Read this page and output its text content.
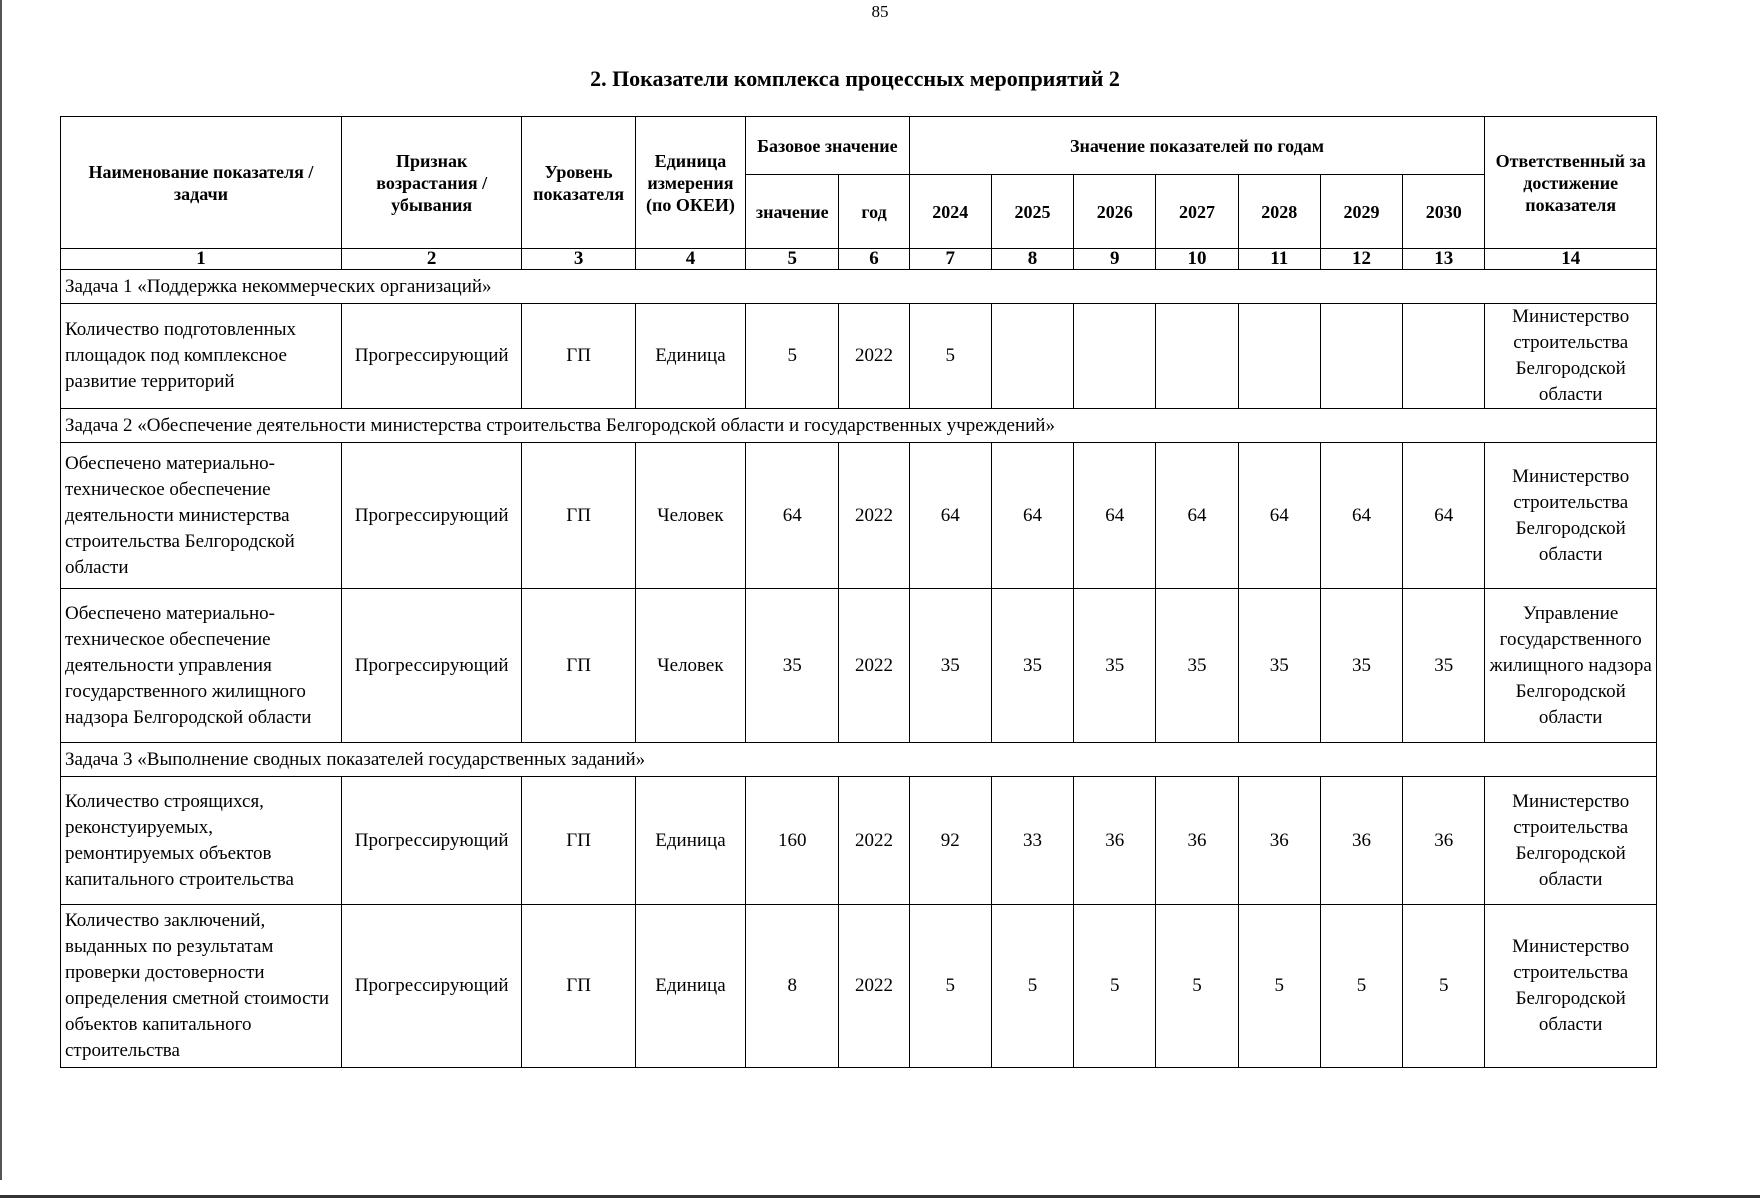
85
2. Показатели комплекса процессных мероприятий 2
Наименование показателя / задачи	Признак возрастания / убывания	Уровень показателя	Единица измерения (по ОКЕИ)	Базовое значение		Значение показателей по годам							Ответственный за достижение показателя
				значение	год	2024	2025	2026	2027	2028	2029	2030	
1	2	3	4	5	6	7	8	9	10	11	12	13	14
Задача 1 «Поддержка некоммерческих организаций»													
Количество подготовленных площадок под комплексное развитие территорий	Прогрессирующий	ГП	Единица	5	2022	5							Министерство строительства Белгородской области
Задача 2 «Обеспечение деятельности министерства строительства Белгородской области и государственных учреждений»													
Обеспечено материально-техническое обеспечение деятельности министерства строительства Белгородской области	Прогрессирующий	ГП	Человек	64	2022	64	64	64	64	64	64	64	Министерство строительства Белгородской области
Обеспечено материально-техническое обеспечение деятельности управления государственного жилищного надзора Белгородской области	Прогрессирующий	ГП	Человек	35	2022	35	35	35	35	35	35	35	Управление государственного жилищного надзора Белгородской области
Задача 3 «Выполнение сводных показателей государственных заданий»													
Количество строящихся, реконстуируемых, ремонтируемых объектов капитального строительства	Прогрессирующий	ГП	Единица	160	2022	92	33	36	36	36	36	36	Министерство строительства Белгородской области
Количество заключений, выданных по результатам проверки достоверности определения сметной стоимости объектов капитального строительства	Прогрессирующий	ГП	Единица	8	2022	5	5	5	5	5	5	5	Министерство строительства Белгородской области
